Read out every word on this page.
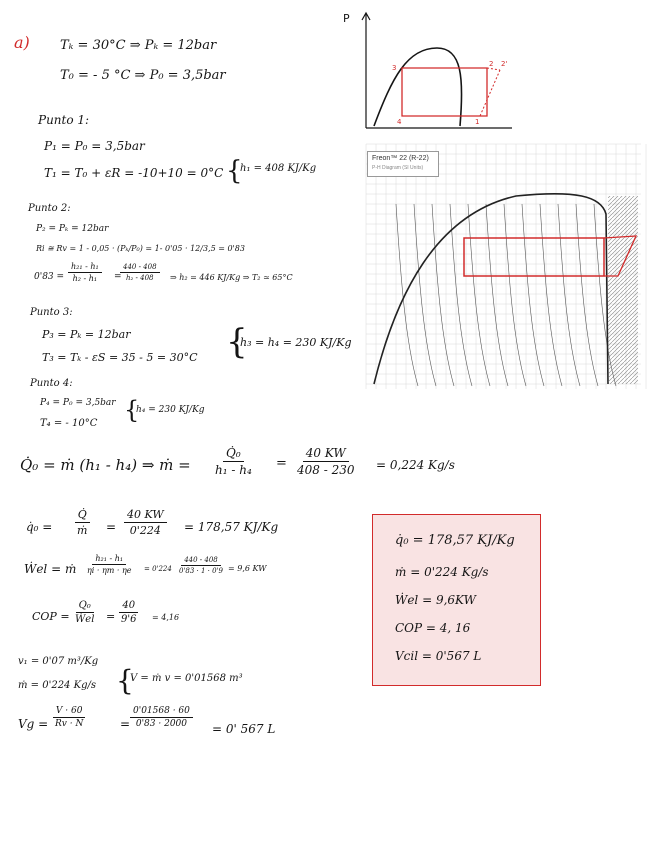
a) Tₖ = 30°C ⇒ Pₖ = 12bar
T₀ = - 5 °C ⇒ P₀ = 3,5bar
Punto 1:
P₁ = P₀ = 3,5bar
T₁ = T₀ + εR = -10+10 = 0°C {
h₁ = 408 KJ/Kg
Punto 2:
P₂ = Pₖ = 12bar
Ri ≅ Rv = 1 - 0,05 · (Pₖ/P₀) = 1- 0'05 · 12/3,5 = 0'83
$0'83 = \frac{\text{h₂₁ - h₁}}{\text{h₂ - h₁}}$ =
$\frac{440 - 408}{\text{h₂ - 408}}$ ⇒ h₂ = 446 KJ/Kg ⇒ T₂ ≃ 65°C
Punto 3:
P₃ = Pₖ = 12bar
T₃ = Tₖ - εS = 35 - 5 = 30°C {
h₃ = h₄ = 230 KJ/Kg
Punto 4:
P₄ = P₀ = 3,5bar
T₄ = - 10°C {
h₄ = 230 KJ/Kg
Q̇₀ = ṁ (h₁ - h₄) ⇒ ṁ = $\frac{\text{Q̇₀}}{\text{h₁ - h₄}} = \frac{40 KW}{408 - 230} = 0,224$ Kg/s
q̇₀ = $\frac{Q̇}{\text{ṁ}} = \frac{40 KW}{0'224} = 178,57$ KJ/Kg
Ẇel = ṁ $\frac{\text{h₂₁ - h₁}}{\eta i \cdot \eta m \cdot \eta e} = 0'224 \frac{440 - 408}{0'83 \cdot 1 \cdot 0'9} = 9,6$ KW
COP = $\frac{\text{Q₀}}{Ẇel} = \frac{40}{9'6} = 4,16$
v₁ = 0'07 m³/Kg
ṁ = 0'224 Kg/s {
V = ṁ v = 0'01568 m³
$Vg = \frac{V \cdot 60}{Rv \cdot N}$	= $\frac{0'01568 \cdot 60}{0'83 \cdot 2000} = 0'$ 567 L
q̇₀ = 178,57 KJ/Kg
ṁ = 0'224 Kg/s
Ẇel = 9,6KW
COP = 4, 16
Vcil = 0'567 L
P
3
4	1
2 2'
Freon™ 22 (R-22)
P-H Diagram (SI Units)
